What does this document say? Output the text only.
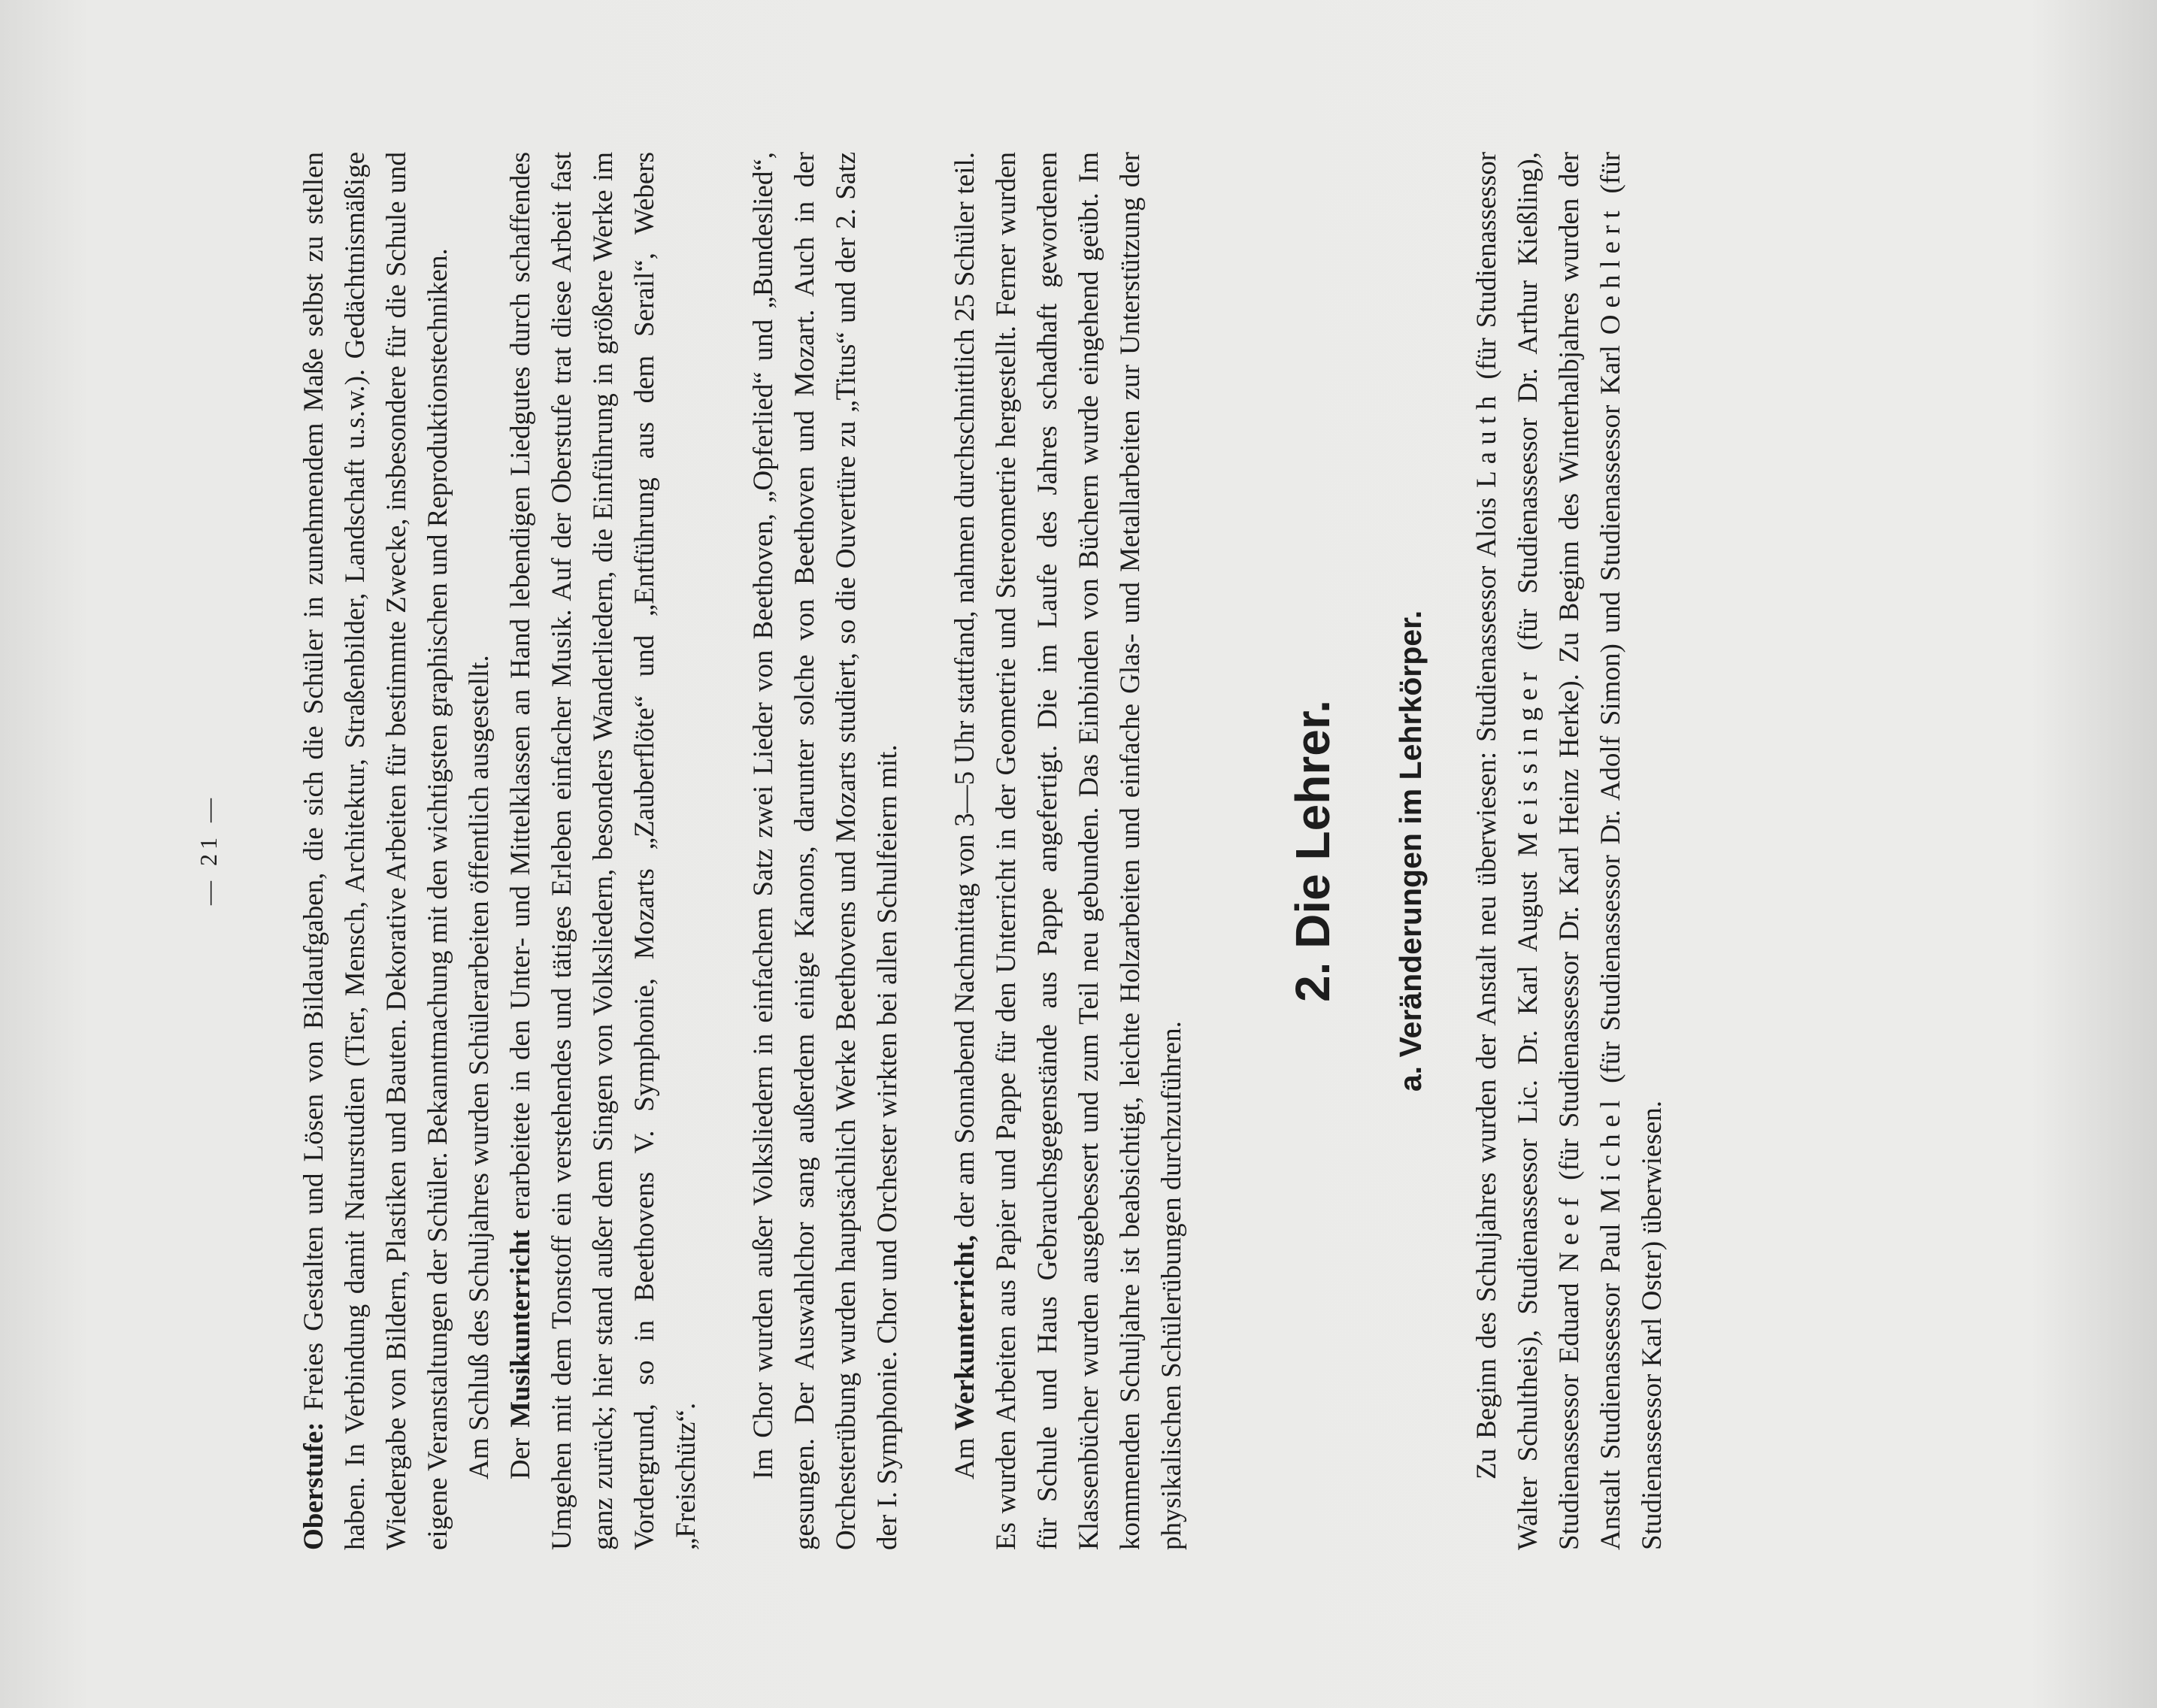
— 21 —

Oberstufe: Freies Gestalten und Lösen von Bildaufgaben, die sich die Schüler in zunehmendem Maße selbst zu stellen haben. In Verbindung damit Naturstudien (Tier, Mensch, Architektur, Straßenbilder, Landschaft u.s.w.). Gedächtnismäßige Wiedergabe von Bildern, Plastiken und Bauten. Dekorative Arbeiten für bestimmte Zwecke, insbesondere für die Schule und eigene Veranstaltungen der Schüler. Bekanntmachung mit den wichtigsten graphischen und Reproduktionstechniken. Am Schluß des Schuljahres wurden Schülerarbeiten öffentlich ausgestellt. Der Musikunterricht erarbeitete in den Unter- und Mittelklassen an Hand lebendigen Liedgutes durch schaffendes Umgehen mit dem Tonstoff ein verstehendes und tätiges Erleben einfacher Musik. Auf der Oberstufe trat diese Arbeit fast ganz zurück; hier stand außer dem Singen von Volksliedern, besonders Wanderliedern, die Einführung in größere Werke im Vordergrund, so in Beethovens V. Symphonie, Mozarts „Zauberflöte“ und „Entführung aus dem Serail“, Webers „Freischütz“. Im Chor wurden außer Volksliedern in einfachem Satz zwei Lieder von Beethoven, „Opferlied“ und „Bundeslied“, gesungen. Der Auswahlchor sang außerdem einige Kanons, darunter solche von Beethoven und Mozart. Auch in der Orchesterübung wurden hauptsächlich Werke Beethovens und Mozarts studiert, so die Ouvertüre zu „Titus“ und der 2. Satz der I. Symphonie. Chor und Orchester wirkten bei allen Schulfeiern mit. Am Werkunterricht, der am Sonnabend Nachmittag von 3—5 Uhr stattfand, nahmen durchschnittlich 25 Schüler teil. Es wurden Arbeiten aus Papier und Pappe für den Unterricht in der Geometrie und Stereometrie hergestellt. Ferner wurden für Schule und Haus Gebrauchsgegenstände aus Pappe angefertigt. Die im Laufe des Jahres schadhaft gewordenen Klassenbücher wurden ausgebessert und zum Teil neu gebunden. Das Einbinden von Büchern wurde eingehend geübt. Im kommenden Schuljahre ist beabsichtigt, leichte Holzarbeiten und einfache Glas- und Metallarbeiten zur Unterstützung der physikalischen Schülerübungen durchzuführen.

2. Die Lehrer. a. Veränderungen im Lehrkörper. Zu Beginn des Schuljahres wurden der Anstalt neu überwiesen: Studienassessor Alois Lauth (für Studienassessor Walter Schultheis), Studienassessor Lic. Dr. Karl August Meissinger (für Studienassessor Dr. Arthur Kießling), Studienassessor Eduard Neef (für Studienassessor Dr. Karl Heinz Herke). Zu Beginn des Winterhalbjahres wurden der Anstalt Studienassessor Paul Michel (für Studienassessor Dr. Adolf Simon) und Studienassessor Karl Oehlert (für Studienassessor Karl Oster) überwiesen.
